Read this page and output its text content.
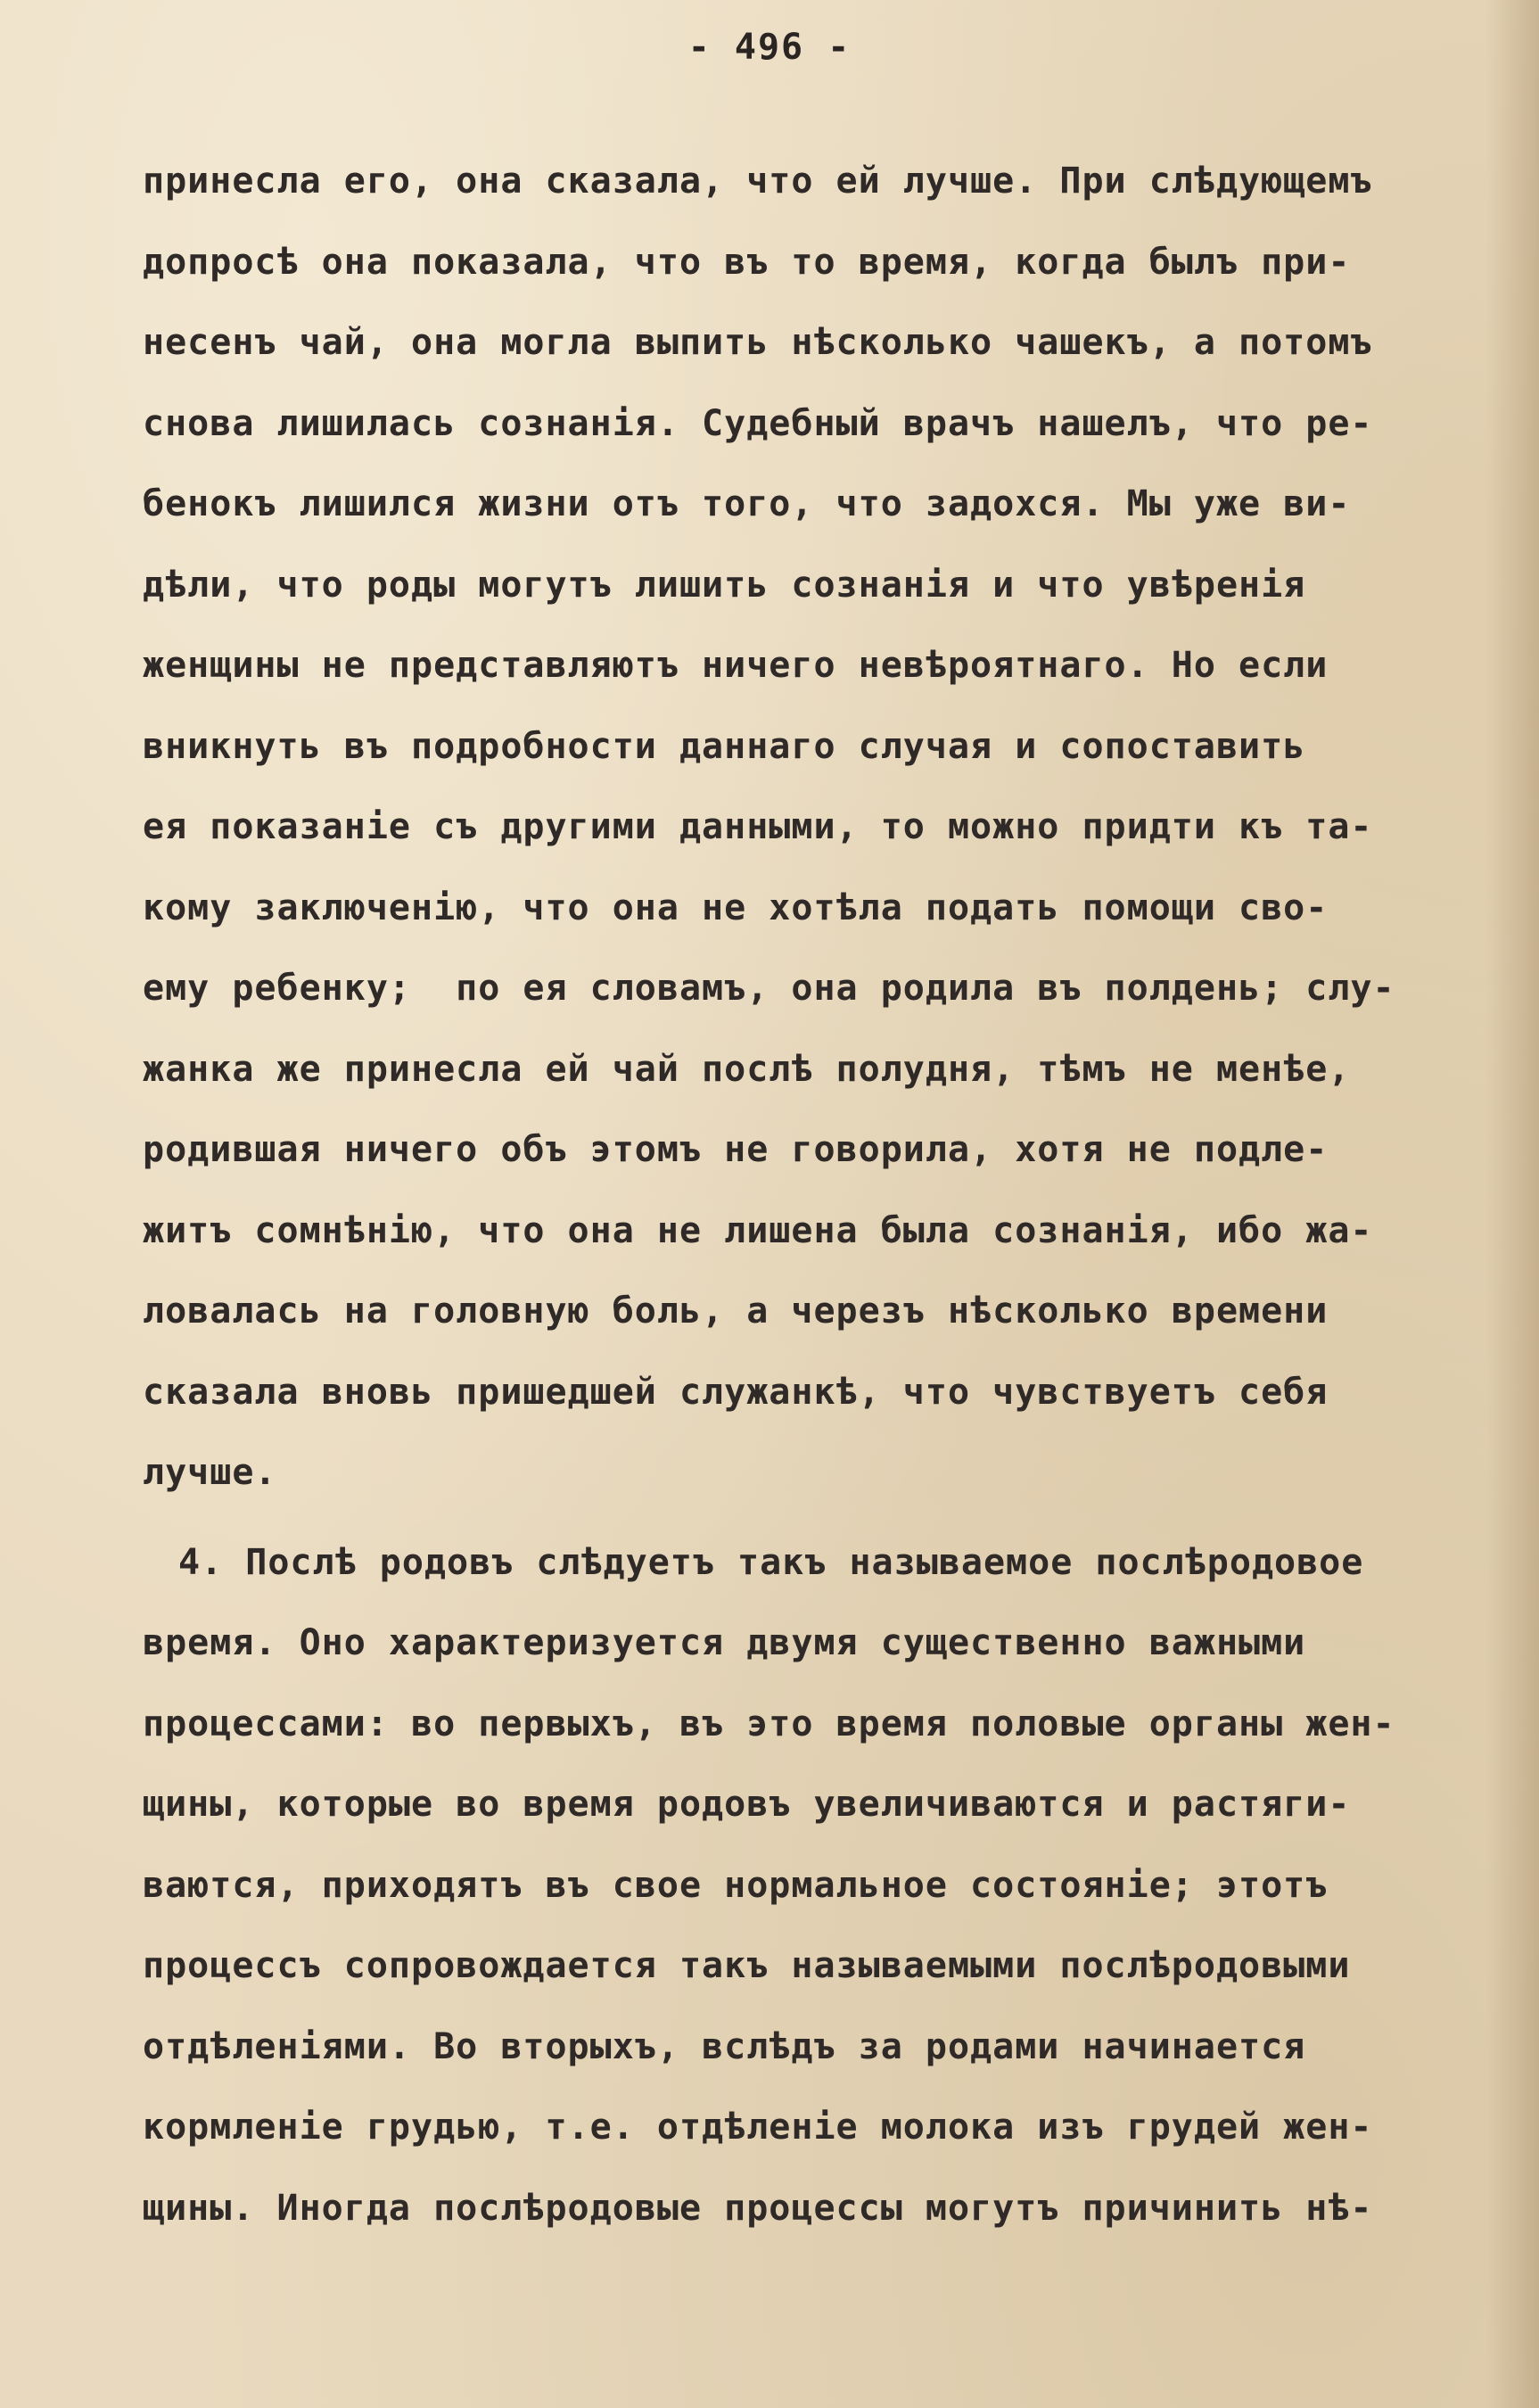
- 496 -
принесла его, она сказала, что ей лучше. При слѣдующемъ
допросѣ она показала, что въ то время, когда былъ при-
несенъ чай, она могла выпить нѣсколько чашекъ, а потомъ
снова лишилась сознанія. Судебный врачъ нашелъ, что ре-
бенокъ лишился жизни отъ того, что задохся. Мы уже ви-
дѣли, что роды могутъ лишить сознанія и что увѣренія
женщины не представляютъ ничего невѣроятнаго. Но если
вникнуть въ подробности даннаго случая и сопоставить
ея показаніе съ другими данными, то можно придти къ та-
кому заключенію, что она не хотѣла подать помощи сво-
ему ребенку;  по ея словамъ, она родила въ полдень; слу-
жанка же принесла ей чай послѣ полудня, тѣмъ не менѣе,
родившая ничего объ этомъ не говорила, хотя не подле-
житъ сомнѣнію, что она не лишена была сознанія, ибо жа-
ловалась на головную боль, а черезъ нѣсколько времени
сказала вновь пришедшей служанкѣ, что чувствуетъ себя
лучше.
4. Послѣ родовъ слѣдуетъ такъ называемое послѣродовое
время. Оно характеризуется двумя существенно важными
процессами: во первыхъ, въ это время половые органы жен-
щины, которые во время родовъ увеличиваются и растяги-
ваются, приходятъ въ свое нормальное состояніе; этотъ
процессъ сопровождается такъ называемыми послѣродовыми
отдѣленіями. Во вторыхъ, вслѣдъ за родами начинается
кормленіе грудью, т.е. отдѣленіе молока изъ грудей жен-
щины. Иногда послѣродовые процессы могутъ причинить нѣ-
